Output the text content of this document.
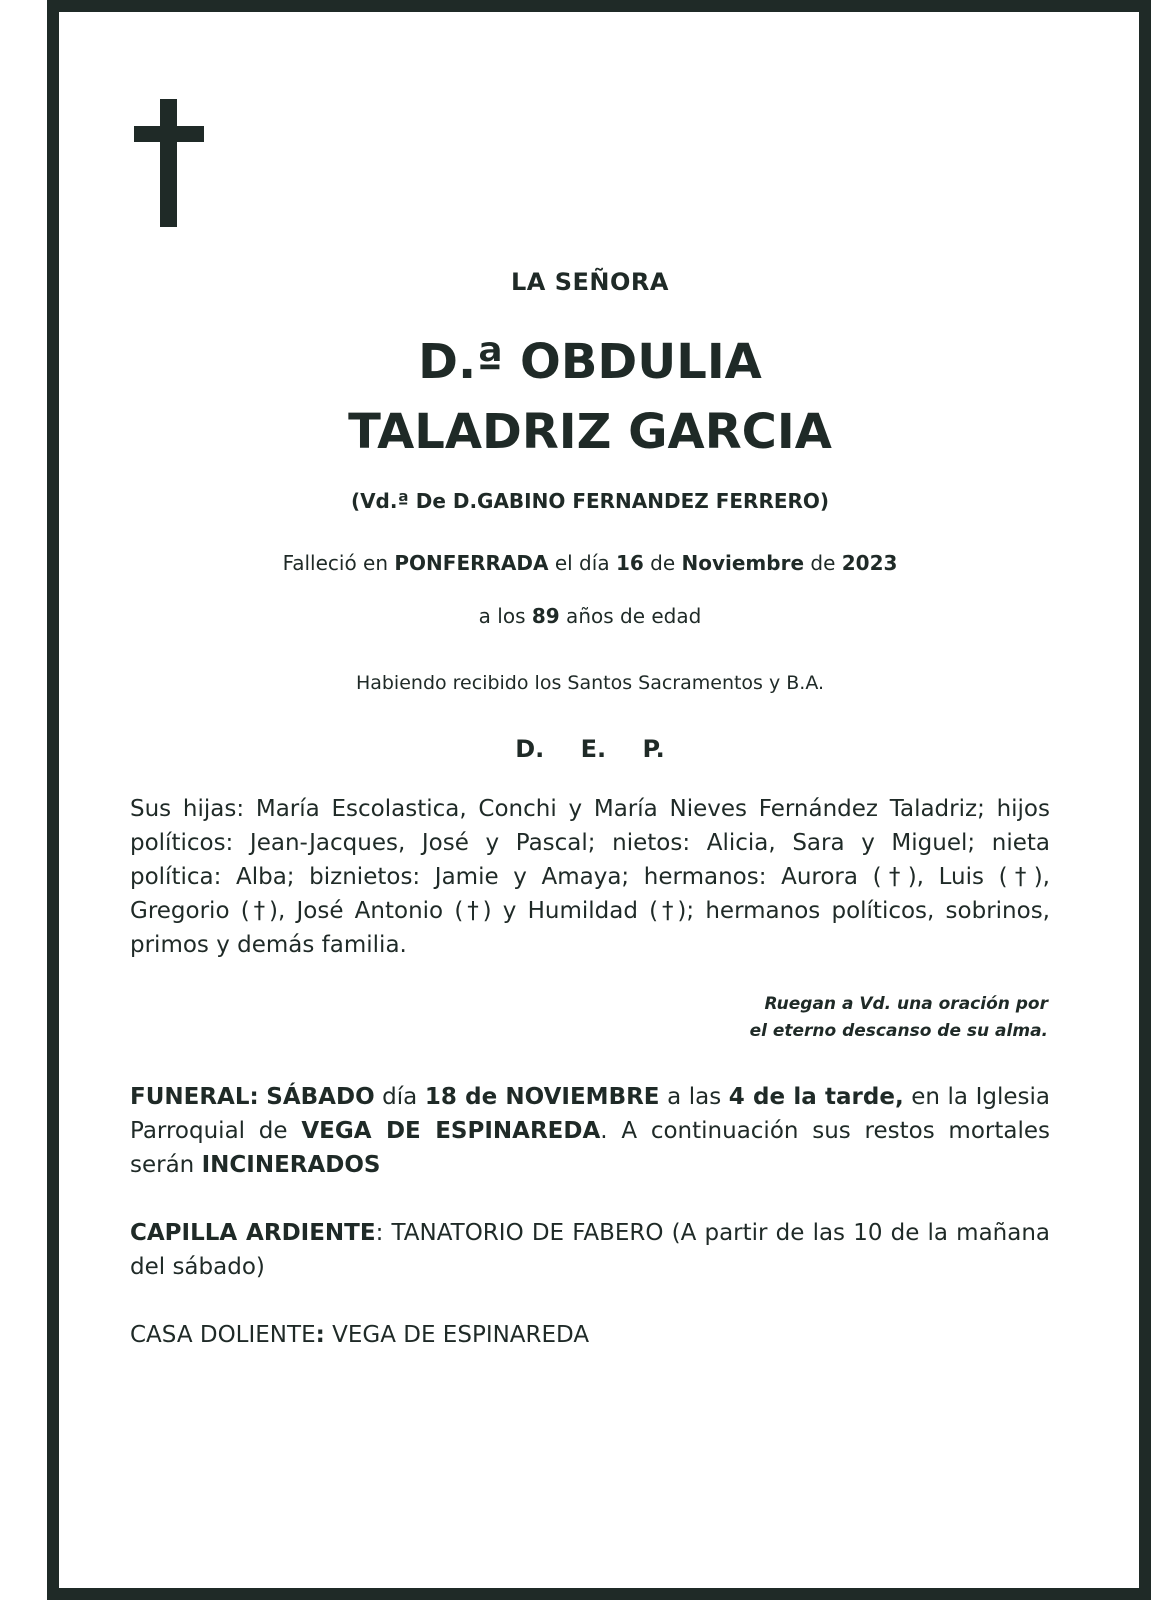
LA SEÑORA
D.ª OBDULIA
TALADRIZ GARCIA
(Vd.ª De D.GABINO FERNANDEZ FERRERO)
Falleció en PONFERRADA el día 16 de Noviembre de 2023
a los 89 años de edad
Habiendo recibido los Santos Sacramentos y B.A.
D. E. P.
Sus hijas: María Escolastica, Conchi y María Nieves Fernández Taladriz; hijos políticos: Jean-Jacques, José y Pascal; nietos: Alicia, Sara y Miguel; nieta política: Alba; biznietos: Jamie y Amaya; hermanos: Aurora (†), Luis (†), Gregorio (†), José Antonio (†) y Humildad (†); hermanos políticos, sobrinos, primos y demás familia.
Ruegan a Vd. una oración por
el eterno descanso de su alma.
FUNERAL: SÁBADO día 18 de NOVIEMBRE a las 4 de la tarde, en la Iglesia Parroquial de VEGA DE ESPINAREDA. A continuación sus restos mortales serán INCINERADOS
CAPILLA ARDIENTE: TANATORIO DE FABERO (A partir de las 10 de la mañana del sábado)
CASA DOLIENTE: VEGA DE ESPINAREDA
